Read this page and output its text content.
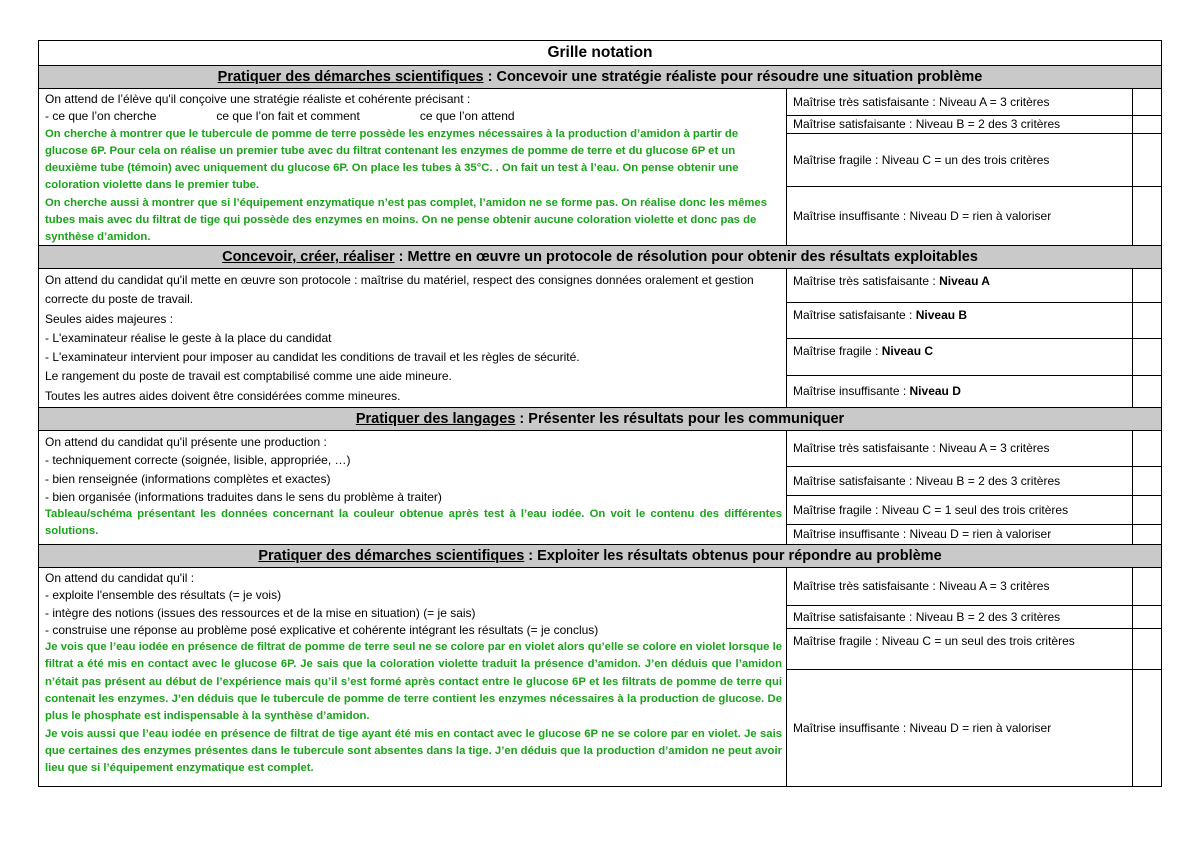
Grille notation
Pratiquer des démarches scientifiques : Concevoir une stratégie réaliste pour résoudre une situation problème

On attend de l’élève qu'il conçoive une stratégie réaliste et cohérente précisant :

- ce que l’on cherche	ce que l’on fait et comment	ce que l’on attend

On cherche à montrer que le tubercule de pomme de terre possède les enzymes nécessaires à la production d’amidon à partir de glucose 6P. Pour cela on réalise un premier tube avec du filtrat contenant les enzymes de pomme de terre et du glucose 6P et un deuxième tube (témoin) avec uniquement du glucose 6P. On place les tubes à 35°C. . On fait un test à l’eau. On pense obtenir une coloration violette dans le premier tube.

On cherche aussi à montrer que si l’équipement enzymatique n’est pas complet, l’amidon ne se forme pas. On réalise donc les mêmes tubes mais avec du filtrat de tige qui possède des enzymes en moins. On ne pense obtenir aucune coloration violette et donc pas de synthèse d’amidon.

Maîtrise très satisfaisante : Niveau A = 3 critères
Maîtrise satisfaisante : Niveau B = 2 des 3 critères
Maîtrise fragile : Niveau C = un des trois critères
Maîtrise insuffisante : Niveau D = rien à valoriser
Concevoir, créer, réaliser : Mettre en œuvre un protocole de résolution pour obtenir des résultats exploitables

On attend du candidat qu'il mette en œuvre son protocole : maîtrise du matériel, respect des consignes données oralement et gestion correcte du poste de travail.

Seules aides majeures :

- L'examinateur réalise le geste à la place du candidat

- L'examinateur intervient pour imposer au candidat les conditions de travail et les règles de sécurité.

Le rangement du poste de travail est comptabilisé comme une aide mineure.

Toutes les autres aides doivent être considérées comme mineures.

Maîtrise très satisfaisante :
Niveau A
Maîtrise satisfaisante :
Niveau B
Maîtrise fragile :
Niveau C
Maîtrise insuffisante :
Niveau D
Pratiquer des langages : Présenter les résultats pour les communiquer

On attend du candidat qu'il présente une production :

- techniquement correcte (soignée, lisible, appropriée, …)

- bien renseignée (informations complètes et exactes)

- bien organisée (informations traduites dans le sens du problème à traiter)

Tableau/schéma présentant les données concernant la couleur obtenue après test à l’eau iodée. On voit le contenu des différentes solutions.

Maîtrise très satisfaisante : Niveau A = 3 critères
Maîtrise satisfaisante : Niveau B = 2 des 3 critères
Maîtrise fragile : Niveau C = 1 seul des trois critères
Maîtrise insuffisante : Niveau D = rien à valoriser
Pratiquer des démarches scientifiques : Exploiter les résultats obtenus pour répondre au problème

On attend du candidat qu'il :

- exploite l'ensemble des résultats (= je vois)

- intègre des notions (issues des ressources et de la mise en situation) (= je sais)

- construise une réponse au problème posé explicative et cohérente intégrant les résultats (= je conclus)

Je vois que l’eau iodée en présence de filtrat de pomme de terre seul ne se colore par en violet alors qu’elle se colore en violet lorsque le filtrat a été mis en contact avec le glucose 6P. Je sais que la coloration violette traduit la présence d’amidon. J’en déduis que l’amidon n’était pas présent au début de l’expérience mais qu’il s’est formé après contact entre le glucose 6P et les filtrats de pomme de terre qui contenait les enzymes. J’en déduis que le tubercule de pomme de terre contient les enzymes nécessaires à la production de glucose. De plus le phosphate est indispensable à la synthèse d’amidon.

Je vois aussi que l’eau iodée en présence de filtrat de tige ayant été mis en contact avec le glucose 6P ne se colore par en violet. Je sais que certaines des enzymes présentes dans le tubercule sont absentes dans la tige. J’en déduis que la production d’amidon ne peut avoir lieu que si l’équipement enzymatique est complet.

Maîtrise très satisfaisante : Niveau A = 3 critères
Maîtrise satisfaisante : Niveau B = 2 des 3 critères
Maîtrise fragile : Niveau C = un seul des trois critères
Maîtrise insuffisante : Niveau D = rien à valoriser
